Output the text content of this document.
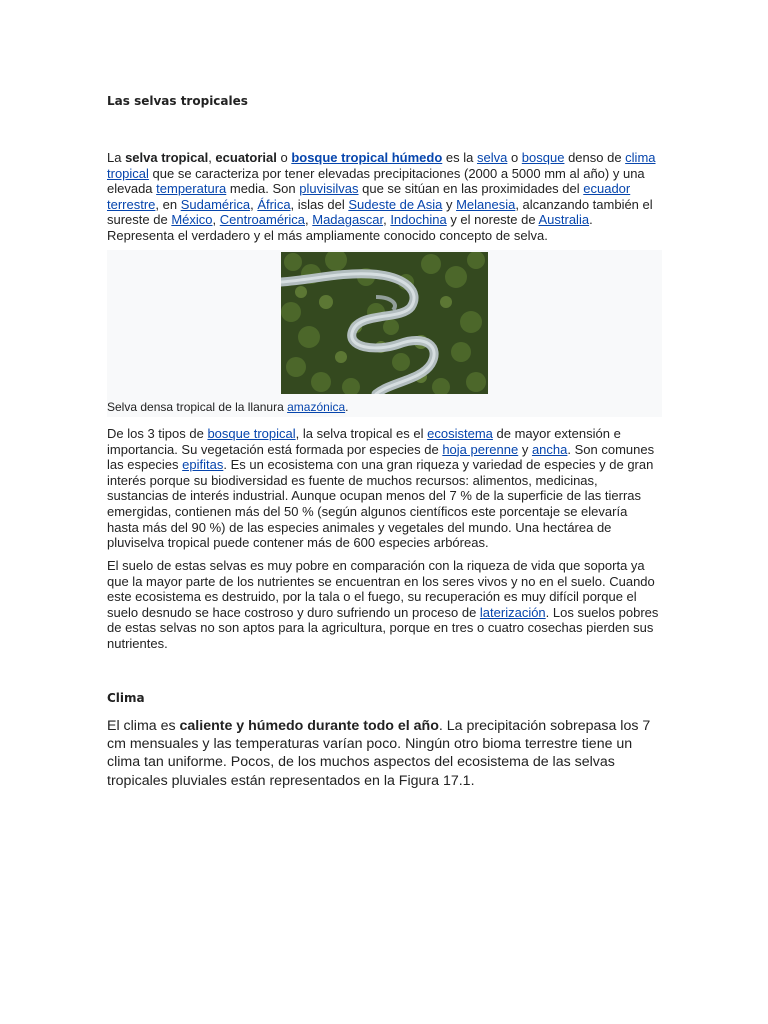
Las selvas tropicales

La selva tropical, ecuatorial o bosque tropical húmedo es la selva o bosque denso de clima tropical que se caracteriza por tener elevadas precipitaciones (2000 a 5000 mm al año) y una elevada temperatura media. Son pluvisilvas que se sitúan en las proximidades del ecuador terrestre, en Sudamérica, África, islas del Sudeste de Asia y Melanesia, alcanzando también el sureste de México, Centroamérica, Madagascar, Indochina y el noreste de Australia. Representa el verdadero y el más ampliamente conocido concepto de selva.

Selva densa tropical de la llanura amazónica.

De los 3 tipos de bosque tropical, la selva tropical es el ecosistema de mayor extensión e importancia. Su vegetación está formada por especies de hoja perenne y ancha. Son comunes las especies epifitas. Es un ecosistema con una gran riqueza y variedad de especies y de gran interés porque su biodiversidad es fuente de muchos recursos: alimentos, medicinas, sustancias de interés industrial. Aunque ocupan menos del 7 % de la superficie de las tierras emergidas, contienen más del 50 % (según algunos científicos este porcentaje se elevaría hasta más del 90 %) de las especies animales y vegetales del mundo. Una hectárea de pluviselva tropical puede contener más de 600 especies arbóreas.

El suelo de estas selvas es muy pobre en comparación con la riqueza de vida que soporta ya que la mayor parte de los nutrientes se encuentran en los seres vivos y no en el suelo. Cuando este ecosistema es destruido, por la tala o el fuego, su recuperación es muy difícil porque el suelo desnudo se hace costroso y duro sufriendo un proceso de laterización. Los suelos pobres de estas selvas no son aptos para la agricultura, porque en tres o cuatro cosechas pierden sus nutrientes.

Clima

El clima es caliente y húmedo durante todo el año. La precipitación sobrepasa los 7 cm mensuales y las temperaturas varían poco. Ningún otro bioma terrestre tiene un clima tan uniforme. Pocos, de los muchos aspectos del ecosistema de las selvas tropicales pluviales están representados en la Figura 17.1.
